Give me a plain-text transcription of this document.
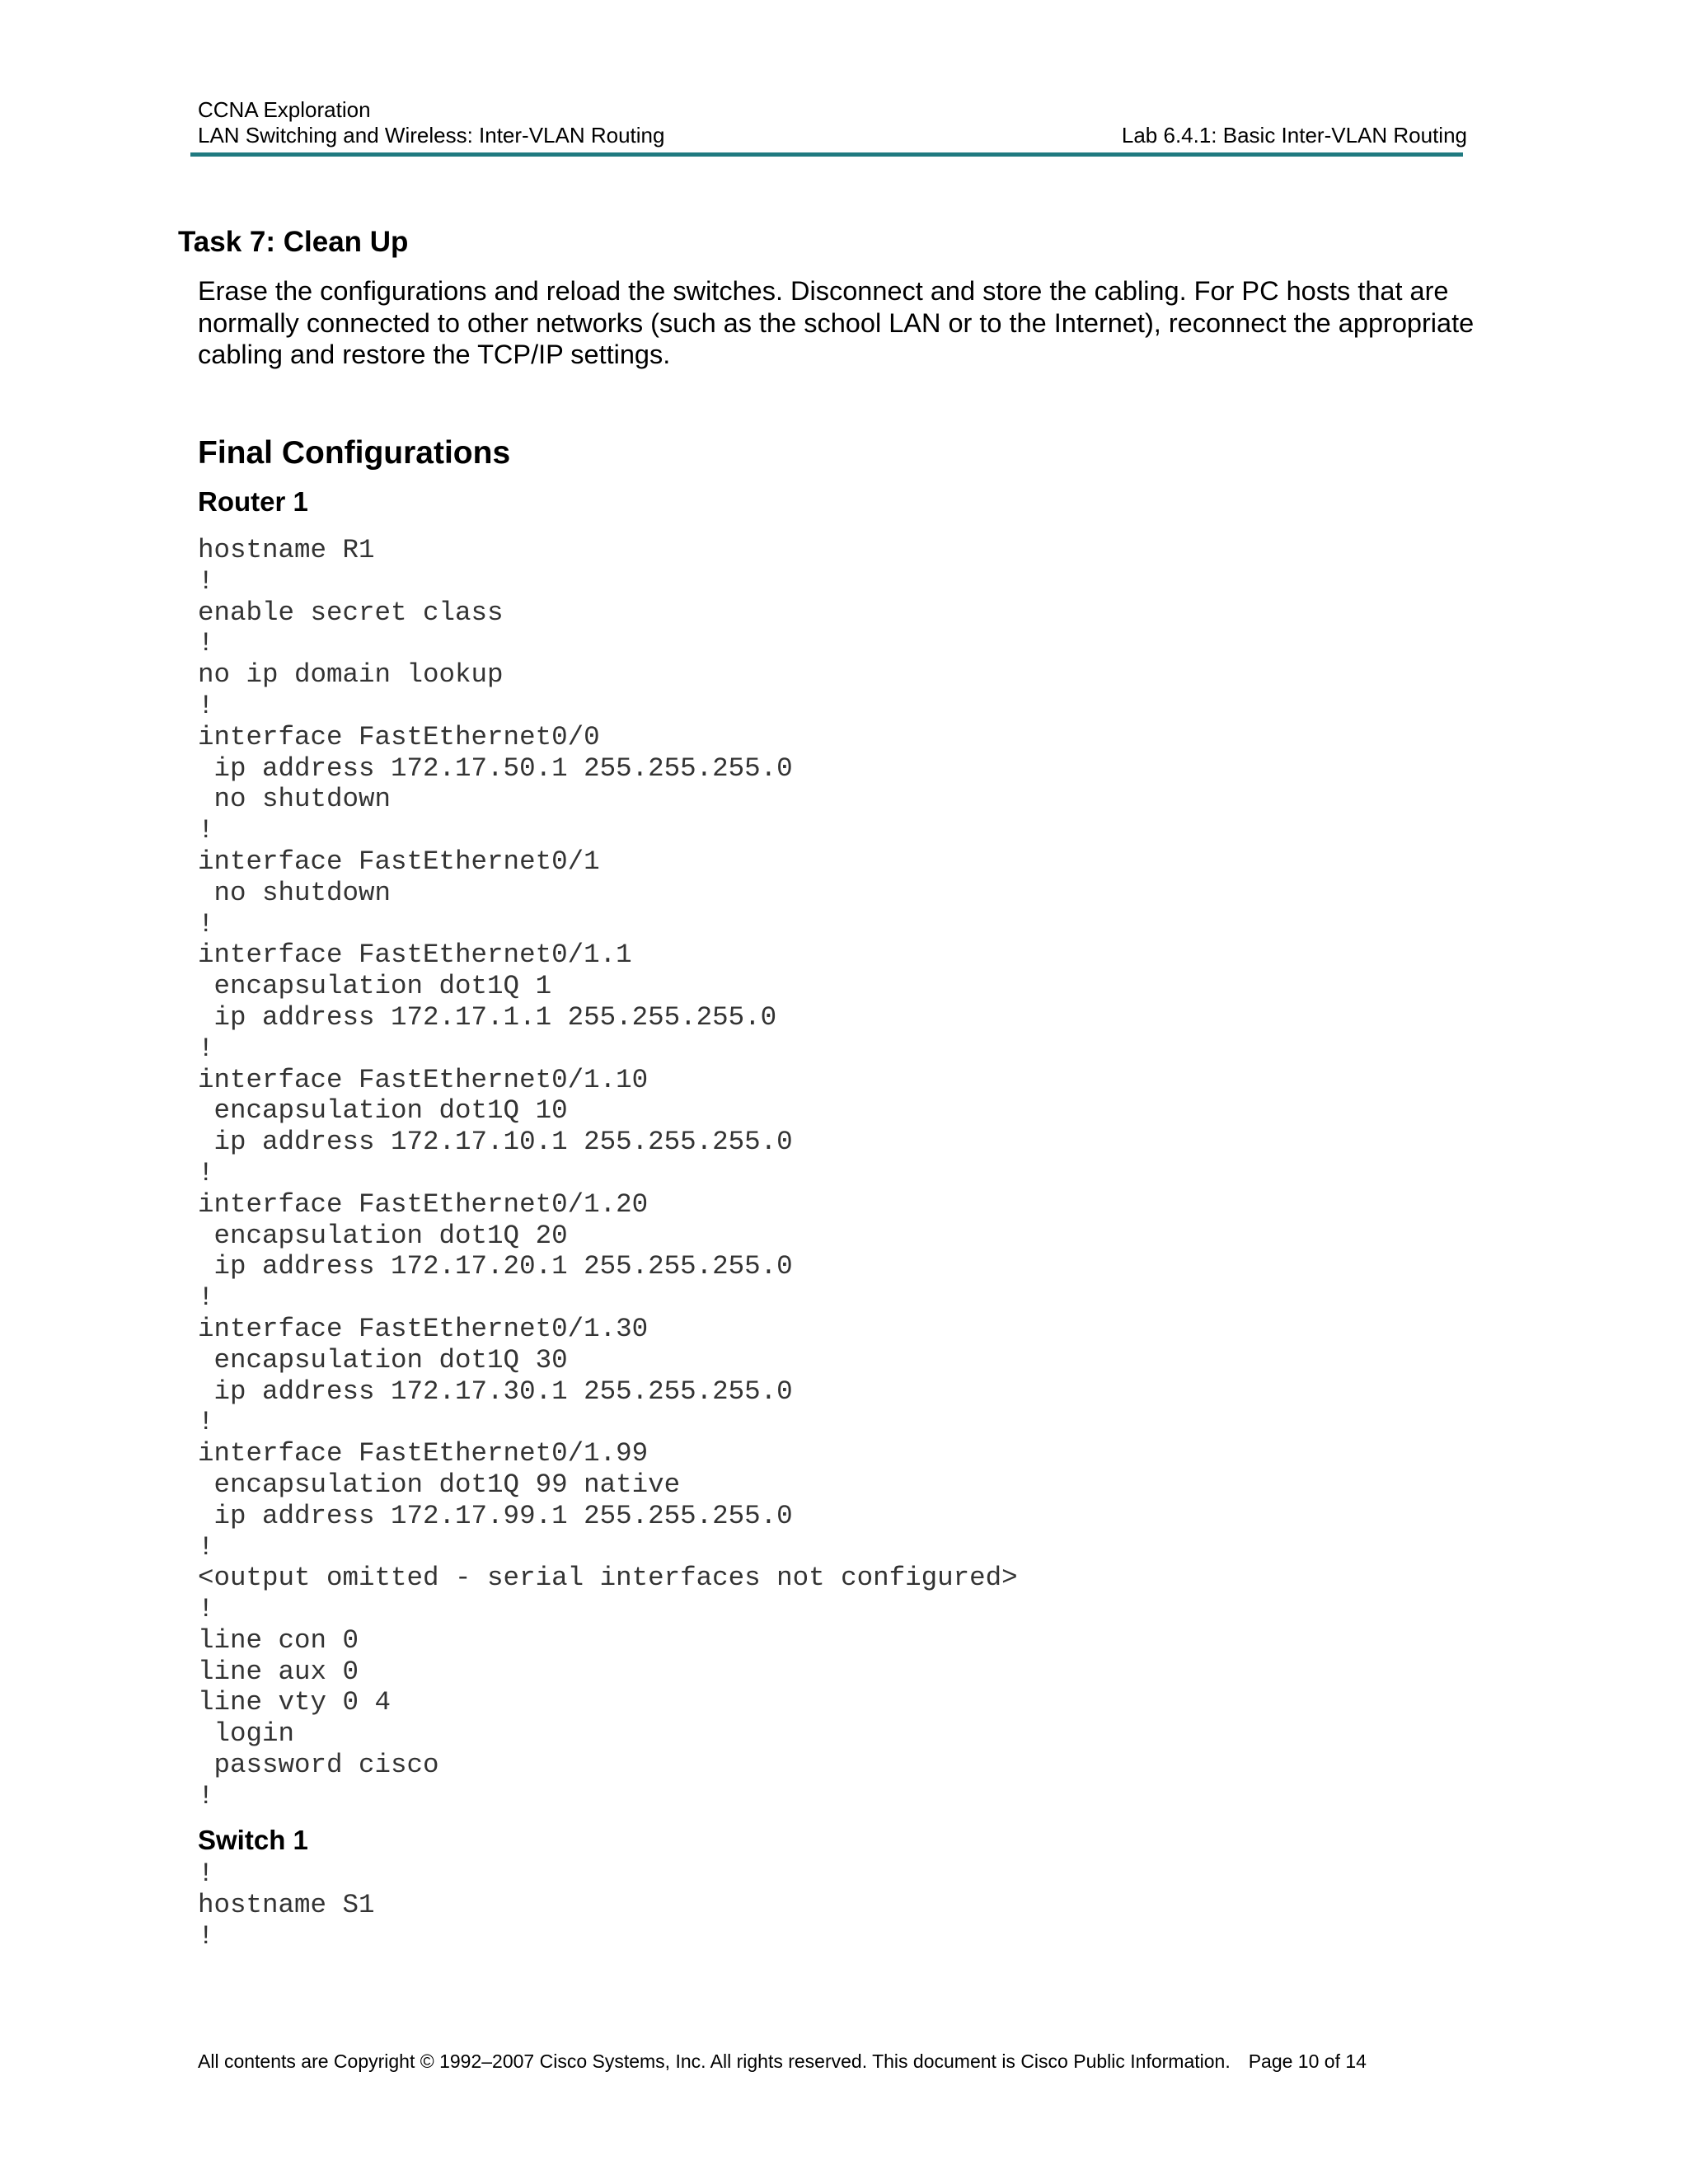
CCNA Exploration
LAN Switching and Wireless: Inter-VLAN Routing	Lab 6.4.1: Basic Inter-VLAN Routing
Task 7: Clean Up

Erase the configurations and reload the switches. Disconnect and store the cabling. For PC hosts that are normally connected to other networks (such as the school LAN or to the Internet), reconnect the appropriate cabling and restore the TCP/IP settings.

Final Configurations
Router 1
hostname R1
!
enable secret class
!
no ip domain lookup
!
interface FastEthernet0/0
ip address 172.17.50.1 255.255.255.0
no shutdown
!
interface FastEthernet0/1
no shutdown
!
interface FastEthernet0/1.1
encapsulation dot1Q 1
ip address 172.17.1.1 255.255.255.0
!
interface FastEthernet0/1.10
encapsulation dot1Q 10
ip address 172.17.10.1 255.255.255.0
!
interface FastEthernet0/1.20
encapsulation dot1Q 20
ip address 172.17.20.1 255.255.255.0
!
interface FastEthernet0/1.30
encapsulation dot1Q 30
ip address 172.17.30.1 255.255.255.0
!
interface FastEthernet0/1.99
encapsulation dot1Q 99 native
ip address 172.17.99.1 255.255.255.0
!
<output omitted - serial interfaces not configured>
!
line con 0
line aux 0
line vty 0 4
login
password cisco
!
Switch 1
!
hostname S1
!
All contents are Copyright © 1992–2007 Cisco Systems, Inc. All rights reserved. This document is Cisco Public Information. Page 10 of 14
